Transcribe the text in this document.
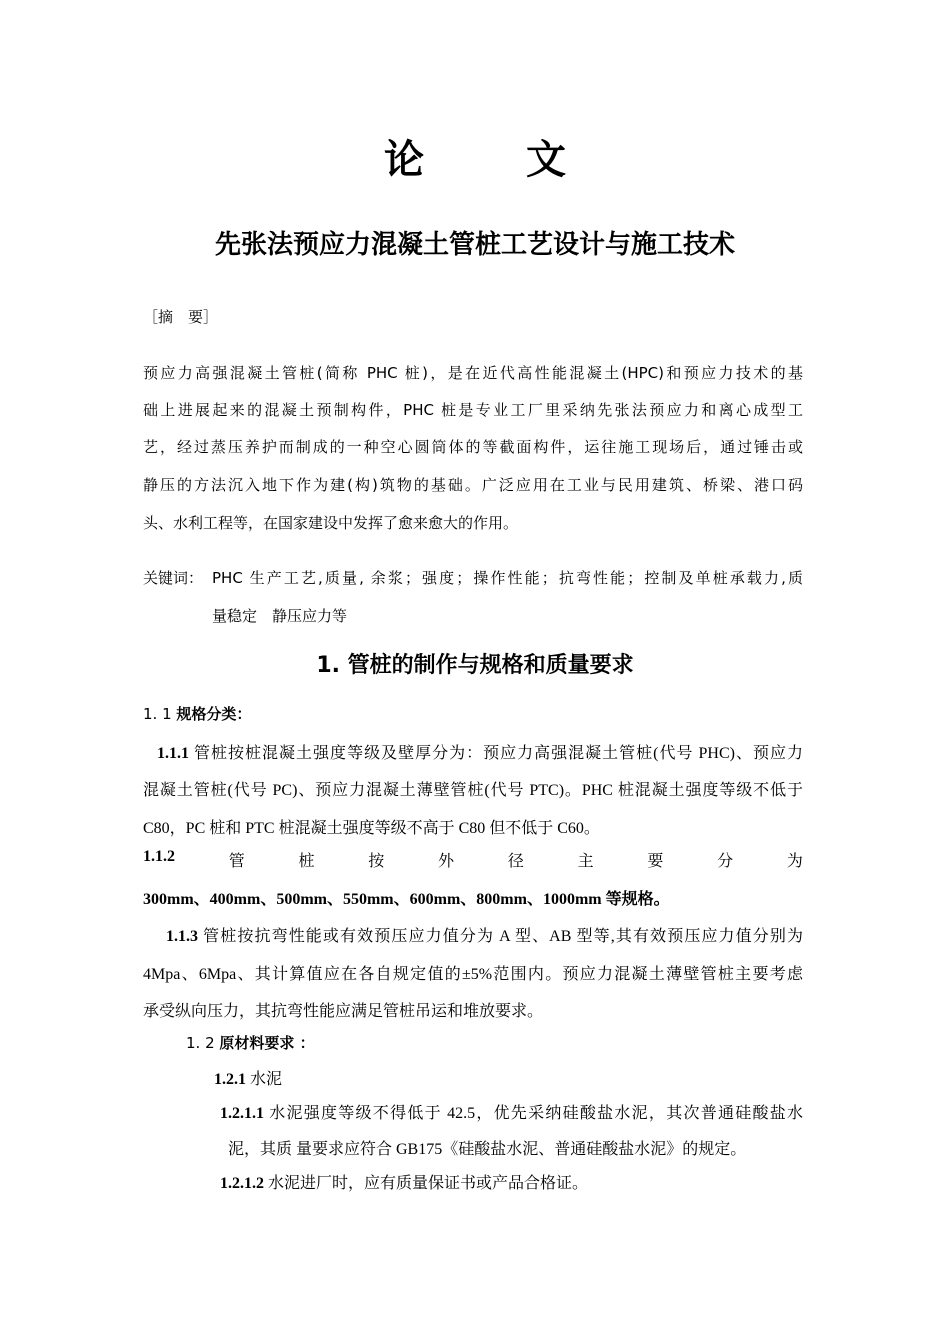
论 文
先张法预应力混凝土管桩工艺设计与施工技术
［摘　要］
预应力高强混凝土管桩(简称 PHC 桩)，是在近代高性能混凝土(HPC)和预应力技术的基
础上进展起来的混凝土预制构件，PHC 桩是专业工厂里采纳先张法预应力和离心成型工
艺，经过蒸压养护而制成的一种空心圆筒体的等截面构件，运往施工现场后，通过锤击或
静压的方法沉入地下作为建(构)筑物的基础。广泛应用在工业与民用建筑、桥梁、港口码
头、水利工程等，在国家建设中发挥了愈来愈大的作用。
关键词： PHC 生产工艺,质量, 余浆；强度；操作性能；抗弯性能；控制及单桩承载力,质
量稳定　静压应力等
1. 管桩的制作与规格和质量要求
1. 1 规格分类：
1.1.1 管桩按桩混凝土强度等级及壁厚分为：预应力高强混凝土管桩(代号 PHC)、预应力
混凝土管桩(代号 PC)、预应力混凝土薄壁管桩(代号 PTC)。PHC 桩混凝土强度等级不低于
C80，PC 桩和 PTC 桩混凝土强度等级不高于 C80 但不低于 C60。
1.1.2	管	桩	按	外	径	主	要	分	为
300mm、400mm、500mm、550mm、600mm、800mm、1000mm 等规格。
1.1.3 管桩按抗弯性能或有效预压应力值分为 A 型、AB 型等,其有效预压应力值分别为
4Mpa、6Mpa、其计算值应在各自规定值的±5%范围内。预应力混凝土薄壁管桩主要考虑
承受纵向压力，其抗弯性能应满足管桩吊运和堆放要求。
1. 2 原材料要求 ：
1.2.1 水泥
1.2.1.1 水泥强度等级不得低于 42.5，优先采纳硅酸盐水泥，其次普通硅酸盐水
泥，其质 量要求应符合 GB175《硅酸盐水泥、普通硅酸盐水泥》的规定。
1.2.1.2 水泥进厂时，应有质量保证书或产品合格证。
